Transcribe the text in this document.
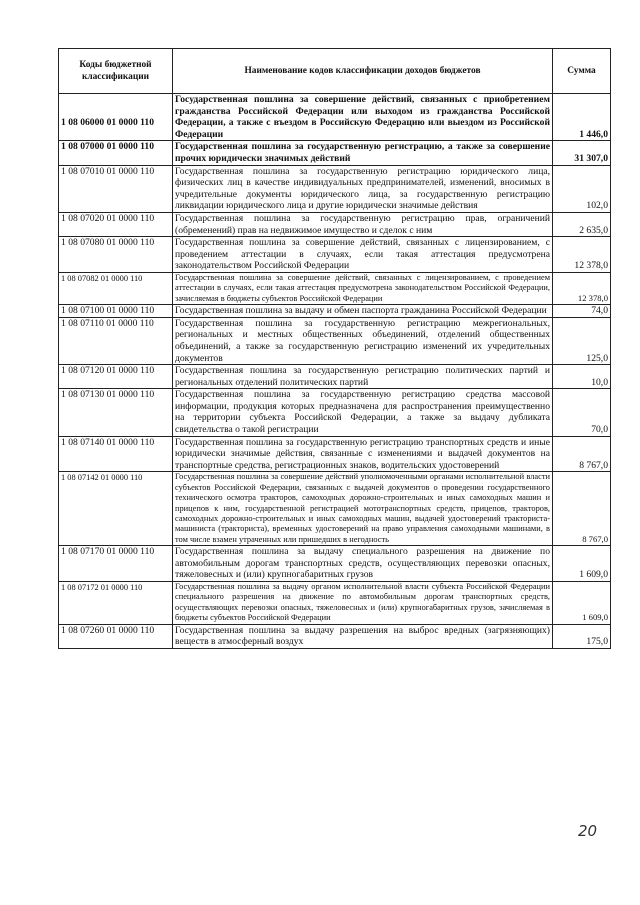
Коды бюджетной классификации	Наименование кодов классификации доходов бюджетов	Сумма

1 08 06000 01 0000 110	Государственная пошлина за совершение действий, связанных с приобретением гражданства Российской Федерации или выходом из гражданства Российской Федерации, а также с въездом в Российскую Федерацию или выездом из Российской Федерации	1 446,0

1 08 07000 01 0000 110	Государственная пошлина за государственную регистрацию, а также за совершение прочих юридически значимых действий	31 307,0

1 08 07010 01 0000 110	Государственная пошлина за государственную регистрацию юридического лица, физических лиц в качестве индивидуальных предпринимателей, изменений, вносимых в учредительные документы юридического лица, за государственную регистрацию ликвидации юридического лица и другие юридически значимые действия	102,0

1 08 07020 01 0000 110	Государственная пошлина за государственную регистрацию прав, ограничений (обременений) прав на недвижимое имущество и сделок с ним	2 635,0

1 08 07080 01 0000 110	Государственная пошлина за совершение действий, связанных с лицензированием, с проведением аттестации в случаях, если такая аттестация предусмотрена законодательством Российской Федерации	12 378,0

1 08 07082 01 0000 110	Государственная пошлина за совершение действий, связанных с лицензированием, с проведением аттестации в случаях, если такая аттестация предусмотрена законодательством Российской Федерации, зачисляемая в бюджеты субъектов Российской Федерации	12 378,0

1 08 07100 01 0000 110	Государственная пошлина за выдачу и обмен паспорта гражданина Российской Федерации	74,0

1 08 07110 01 0000 110	Государственная пошлина за государственную регистрацию межрегиональных, региональных и местных общественных объединений, отделений общественных объединений, а также за государственную регистрацию изменений их учредительных документов	125,0

1 08 07120 01 0000 110	Государственная пошлина за государственную регистрацию политических партий и региональных отделений политических партий	10,0

1 08 07130 01 0000 110	Государственная пошлина за государственную регистрацию средства массовой информации, продукция которых предназначена для распространения преимущественно на территории субъекта Российской Федерации, а также за выдачу дубликата свидетельства о такой регистрации	70,0

1 08 07140 01 0000 110	Государственная пошлина за государственную регистрацию транспортных средств и иные юридически значимые действия, связанные с изменениями и выдачей документов на транспортные средства, регистрационных знаков, водительских удостоверений	8 767,0

1 08 07142 01 0000 110	Государственная пошлина за совершение действий уполномоченными органами исполнительной власти субъектов Российской Федерации, связанных с выдачей документов о проведении государственного технического осмотра тракторов, самоходных дорожно-строительных и иных самоходных машин и прицепов к ним, государственной регистрацией мототранспортных средств, прицепов, тракторов, самоходных дорожно-строительных и иных самоходных машин, выдачей удостоверений тракториста-машиниста (тракториста), временных удостоверений на право управления самоходными машинами, в том числе взамен утраченных или пришедших в негодность	8 767,0

1 08 07170 01 0000 110	Государственная пошлина за выдачу специального разрешения на движение по автомобильным дорогам транспортных средств, осуществляющих перевозки опасных, тяжеловесных и (или) крупногабаритных грузов	1 609,0

1 08 07172 01 0000 110	Государственная пошлина за выдачу органом исполнительной власти субъекта Российской Федерации специального разрешения на движение по автомобильным дорогам транспортных средств, осуществляющих перевозки опасных, тяжеловесных и (или) крупногабаритных грузов, зачисляемая в бюджеты субъектов Российской Федерации	1 609,0

1 08 07260 01 0000 110	Государственная пошлина за выдачу разрешения на выброс вредных (загрязняющих) веществ в атмосферный воздух	175,0
20
